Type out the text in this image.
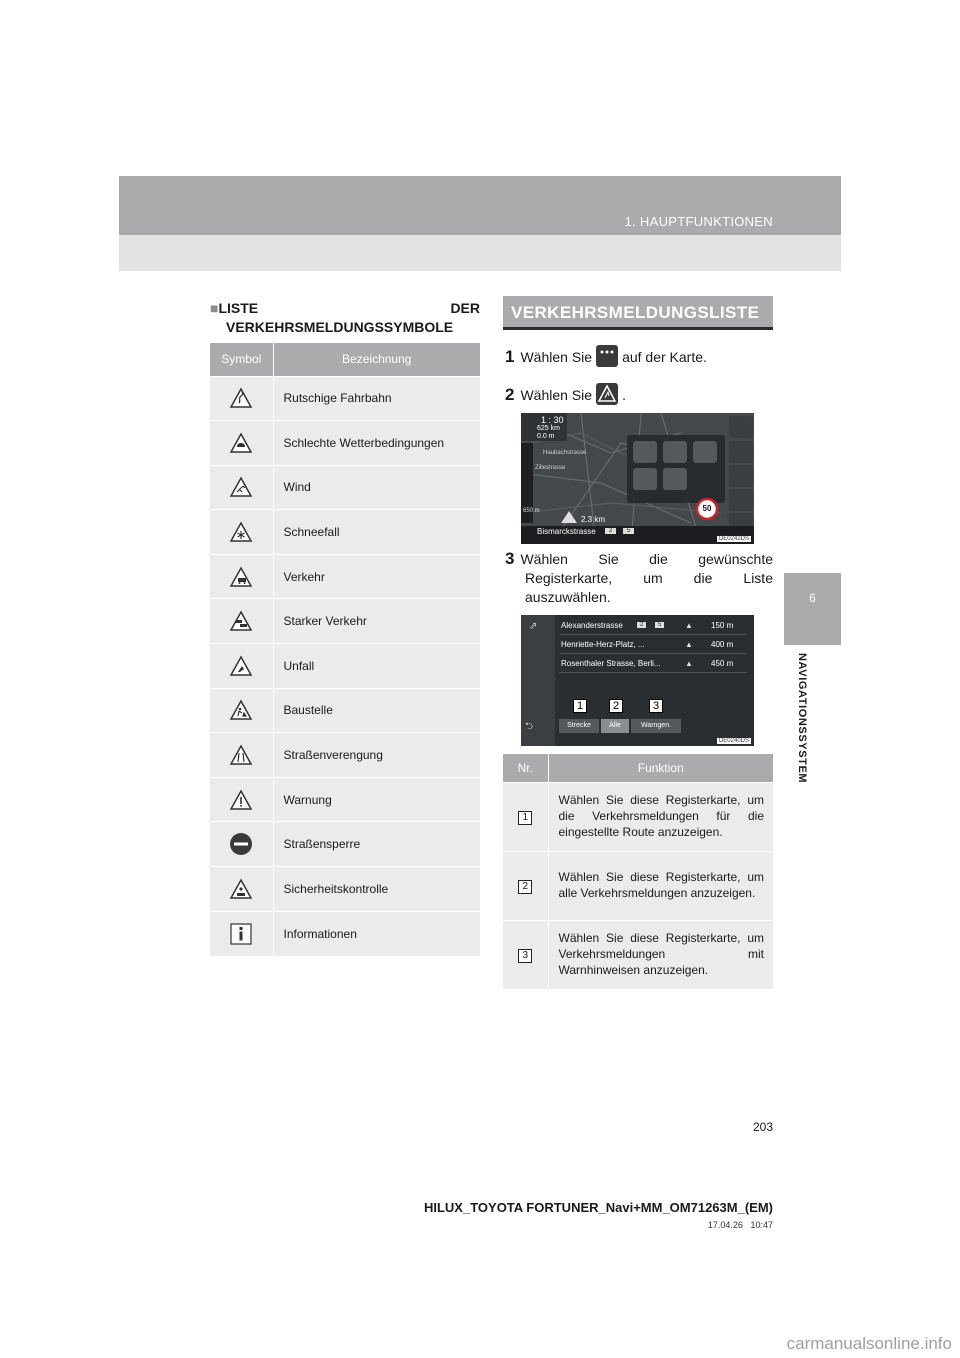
1. HAUPTFUNKTIONEN
6
NAVIGATIONSSYSTEM
■LISTE	DER
VERKEHRSMELDUNGSSYMBOLE
Symbol	Bezeichnung
	Rutschige Fahrbahn
	Schlechte Wetterbedingungen
	Wind
	Schneefall
	Verkehr
	Starker Verkehr
	Unfall
	Baustelle
	Straßenverengung
	Warnung
	Straßensperre
	Sicherheitskontrolle
	Informationen
VERKEHRSMELDUNGSLISTE
1 Wählen Sie auf der Karte.
2 Wählen Sie .
1 : 30
625 km
0.0 m
Haubachstrasse
Zillestrasse
650 m
2.3 km
Bismarckstrasse	2	5
50
DE0242DS
3 Wählen Sie die gewünschte
Registerkarte, um die Liste
auszuwählen.
⇗	Alexanderstrasse	2	5	▲ 150 m
Henriette-Herz-Platz, ...	▲ 400 m
Rosenthaler Strasse, Berli...	▲ 450 m
1	2	3
⮌	Strecke	Alle	Warngen.
DE0240DS
Nr.	Funktion
1	Wählen Sie diese Registerkarte, um die Verkehrsmeldungen für die eingestellte Route anzuzeigen.
2	Wählen Sie diese Registerkarte, um alle Verkehrsmeldungen anzuzeigen.
3	Wählen Sie diese Registerkarte, um Verkehrsmeldungen mit Warnhinweisen anzuzeigen.
203
HILUX_TOYOTA FORTUNER_Navi+MM_OM71263M_(EM)
17.04.26 10:47
carmanualsonline.info
